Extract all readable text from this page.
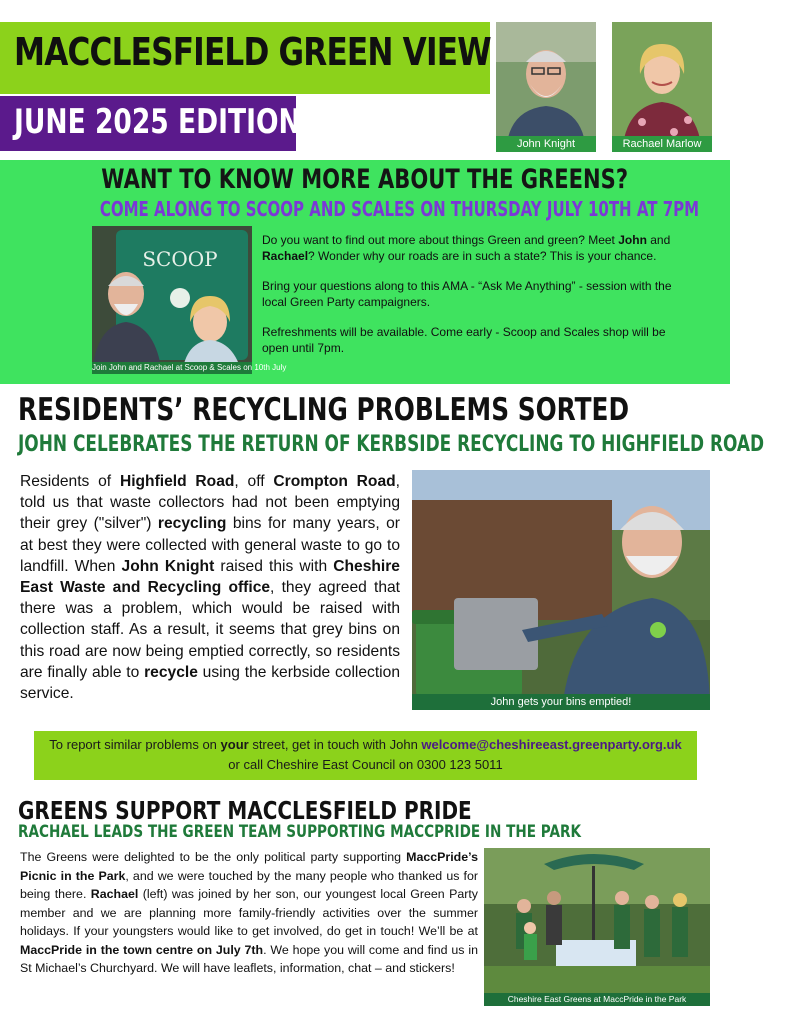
MACCLESFIELD GREEN VIEW
JUNE 2025 EDITION
John Knight	Rachael Marlow
WANT TO KNOW MORE ABOUT THE GREENS?
COME ALONG TO SCOOP AND SCALES ON THURSDAY JULY 10TH AT 7PM
SCOOP
Join John and Rachael at Scoop & Scales on 10th July

Do you want to find out more about things Green and green? Meet John and Rachael? Wonder why our roads are in such a state? This is your chance.

Bring your questions along to this AMA - “Ask Me Anything” - session with the local Green Party campaigners.

Refreshments will be available. Come early - Scoop and Scales shop will be open until 7pm.

RESIDENTS’ RECYCLING PROBLEMS SORTED
JOHN CELEBRATES THE RETURN OF KERBSIDE RECYCLING TO HIGHFIELD ROAD
Residents of Highfield Road, off Crompton Road, told us that waste collectors had not been emptying their grey ("silver") recycling bins for many years, or at best they were collected with general waste to go to landfill. When John Knight raised this with Cheshire East Waste and Recycling office, they agreed that there was a problem, which would be raised with collection staff. As a result, it seems that grey bins on this road are now being emptied correctly, so residents are finally able to recycle using the kerbside collection service.	John gets your bins emptied!
To report similar problems on your street, get in touch with John welcome@cheshireeast.greenparty.org.uk
or call Cheshire East Council on 0300 123 5011
GREENS SUPPORT MACCLESFIELD PRIDE
RACHAEL LEADS THE GREEN TEAM SUPPORTING MACCPRIDE IN THE PARK
The Greens were delighted to be the only political party supporting MaccPride’s Picnic in the Park, and we were touched by the many people who thanked us for being there. Rachael (left) was joined by her son, our youngest local Green Party member and we are planning more family-friendly activities over the summer holidays. If your youngsters would like to get involved, do get in touch! We’ll be at MaccPride in the town centre on July 7th. We hope you will come and find us in St Michael’s Churchyard. We will have leaflets, information, chat – and stickers!
Cheshire East Greens at MaccPride in the Park
